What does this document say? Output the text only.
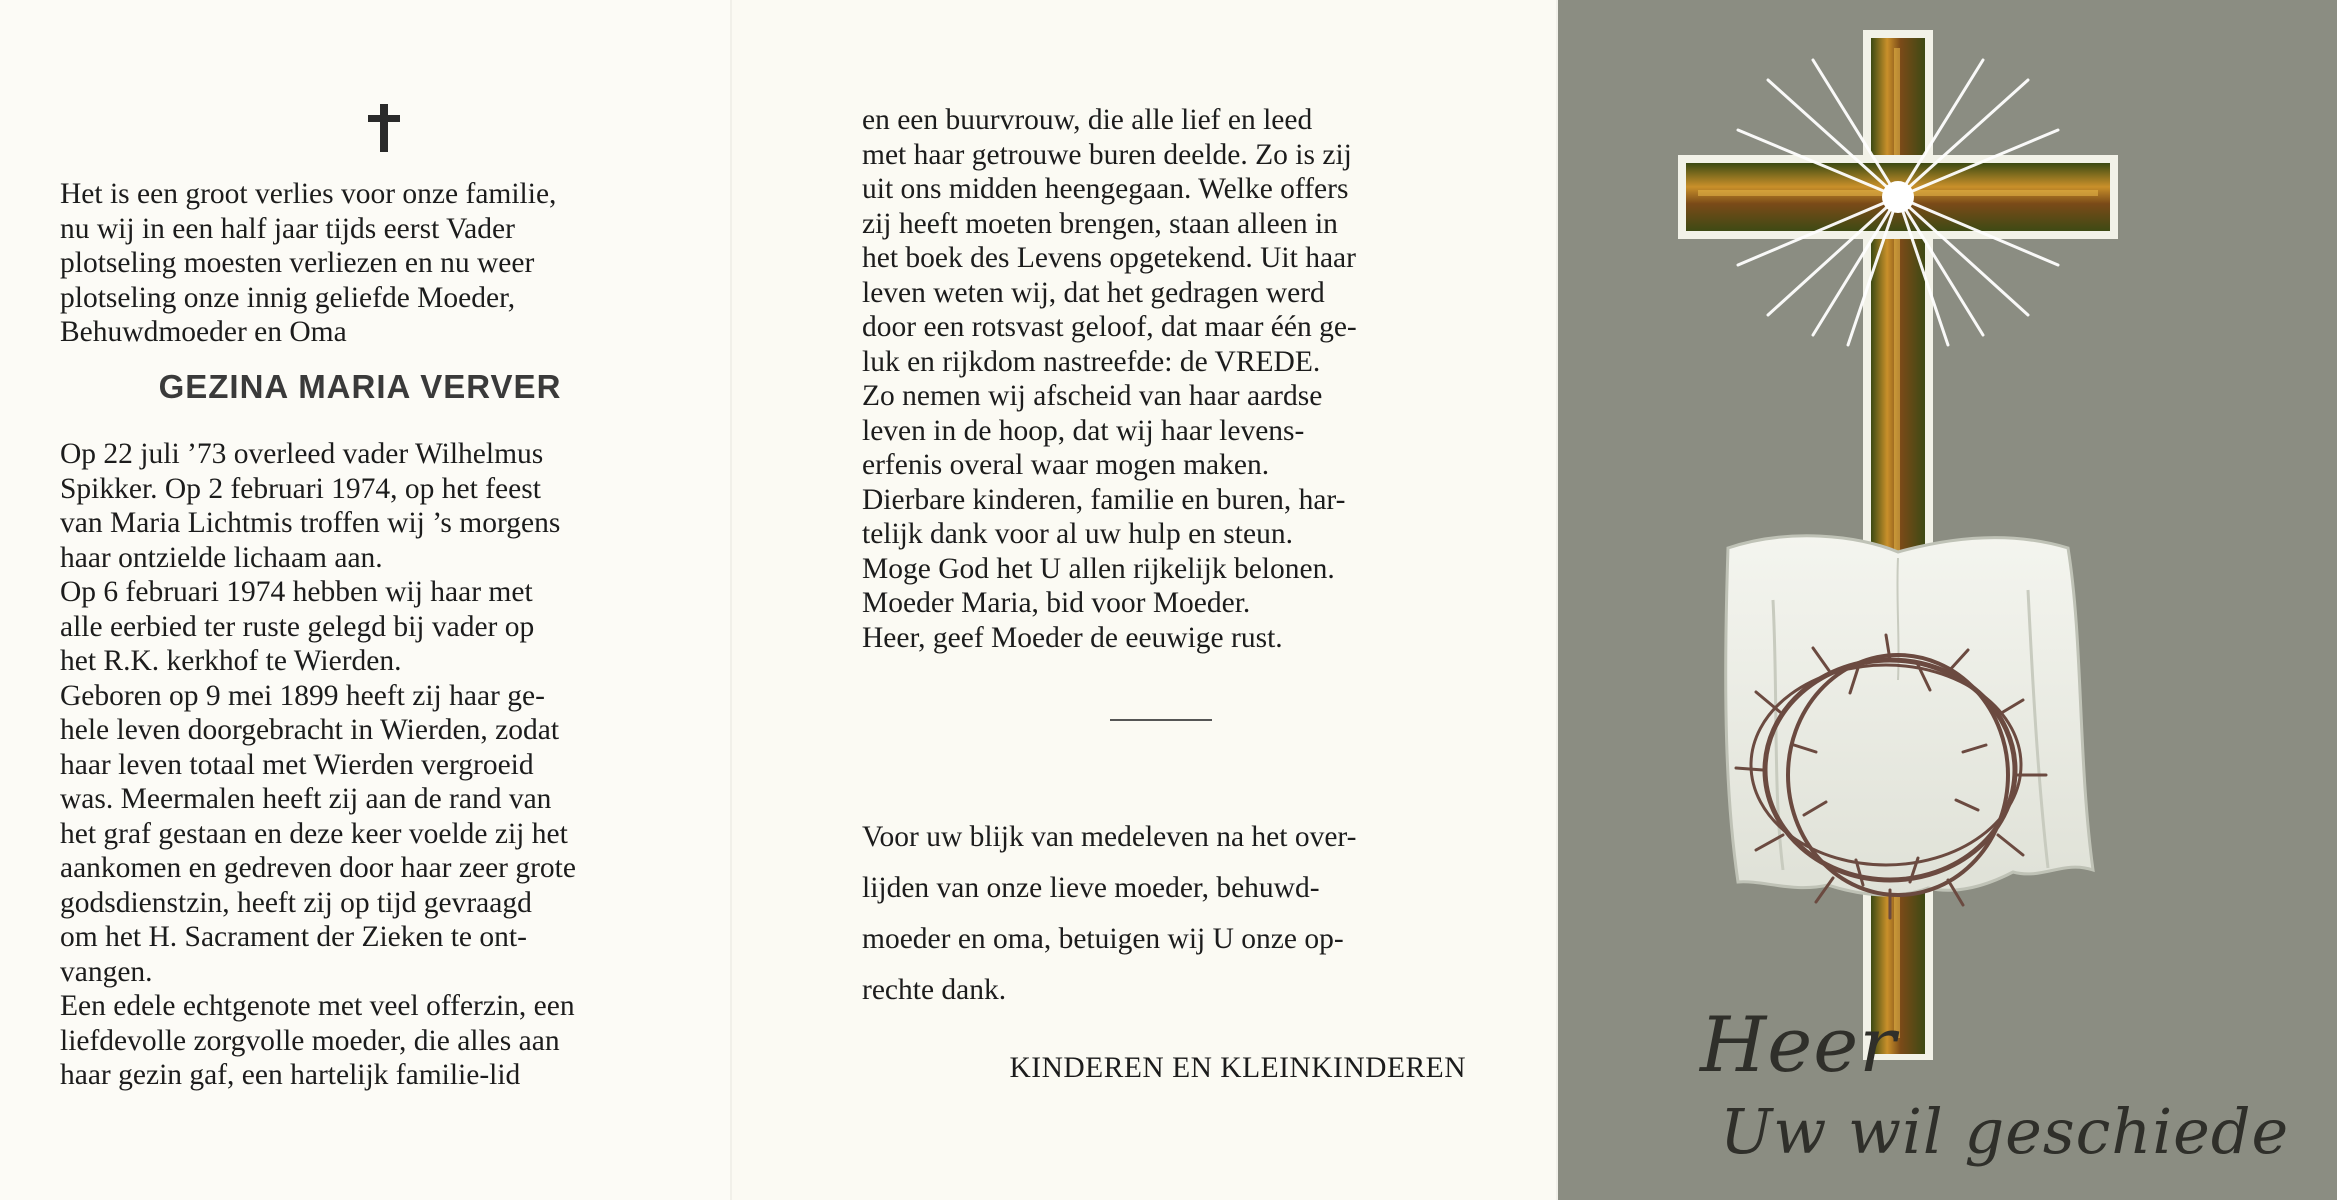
Het is een groot verlies voor onze familie,

nu wij in een half jaar tijds eerst Vader

plotseling moesten verliezen en nu weer

plotseling onze innig geliefde Moeder,

Behuwdmoeder en Oma

GEZINA MARIA VERVER

Op 22 juli ’73 overleed vader Wilhelmus

Spikker. Op 2 februari 1974, op het feest

van Maria Lichtmis troffen wij ’s morgens

haar ontzielde lichaam aan.

Op 6 februari 1974 hebben wij haar met

alle eerbied ter ruste gelegd bij vader op

het R.K. kerkhof te Wierden.

Geboren op 9 mei 1899 heeft zij haar ge-

hele leven doorgebracht in Wierden, zodat

haar leven totaal met Wierden vergroeid

was. Meermalen heeft zij aan de rand van

het graf gestaan en deze keer voelde zij het

aankomen en gedreven door haar zeer grote

godsdienstzin, heeft zij op tijd gevraagd

om het H. Sacrament der Zieken te ont-

vangen.

Een edele echtgenote met veel offerzin, een

liefdevolle zorgvolle moeder, die alles aan

haar gezin gaf, een hartelijk familie-lid

en een buurvrouw, die alle lief en leed

met haar getrouwe buren deelde. Zo is zij

uit ons midden heengegaan. Welke offers

zij heeft moeten brengen, staan alleen in

het boek des Levens opgetekend. Uit haar

leven weten wij, dat het gedragen werd

door een rotsvast geloof, dat maar één ge-

luk en rijkdom nastreefde: de VREDE.

Zo nemen wij afscheid van haar aardse

leven in de hoop, dat wij haar levens-

erfenis overal waar mogen maken.

Dierbare kinderen, familie en buren, har-

telijk dank voor al uw hulp en steun.

Moge God het U allen rijkelijk belonen.

Moeder Maria, bid voor Moeder.

Heer, geef Moeder de eeuwige rust.

Voor uw blijk van medeleven na het over-

lijden van onze lieve moeder, behuwd-

moeder en oma, betuigen wij U onze op-

rechte dank.

KINDEREN EN KLEINKINDEREN	Heer
Uw wil geschiede
